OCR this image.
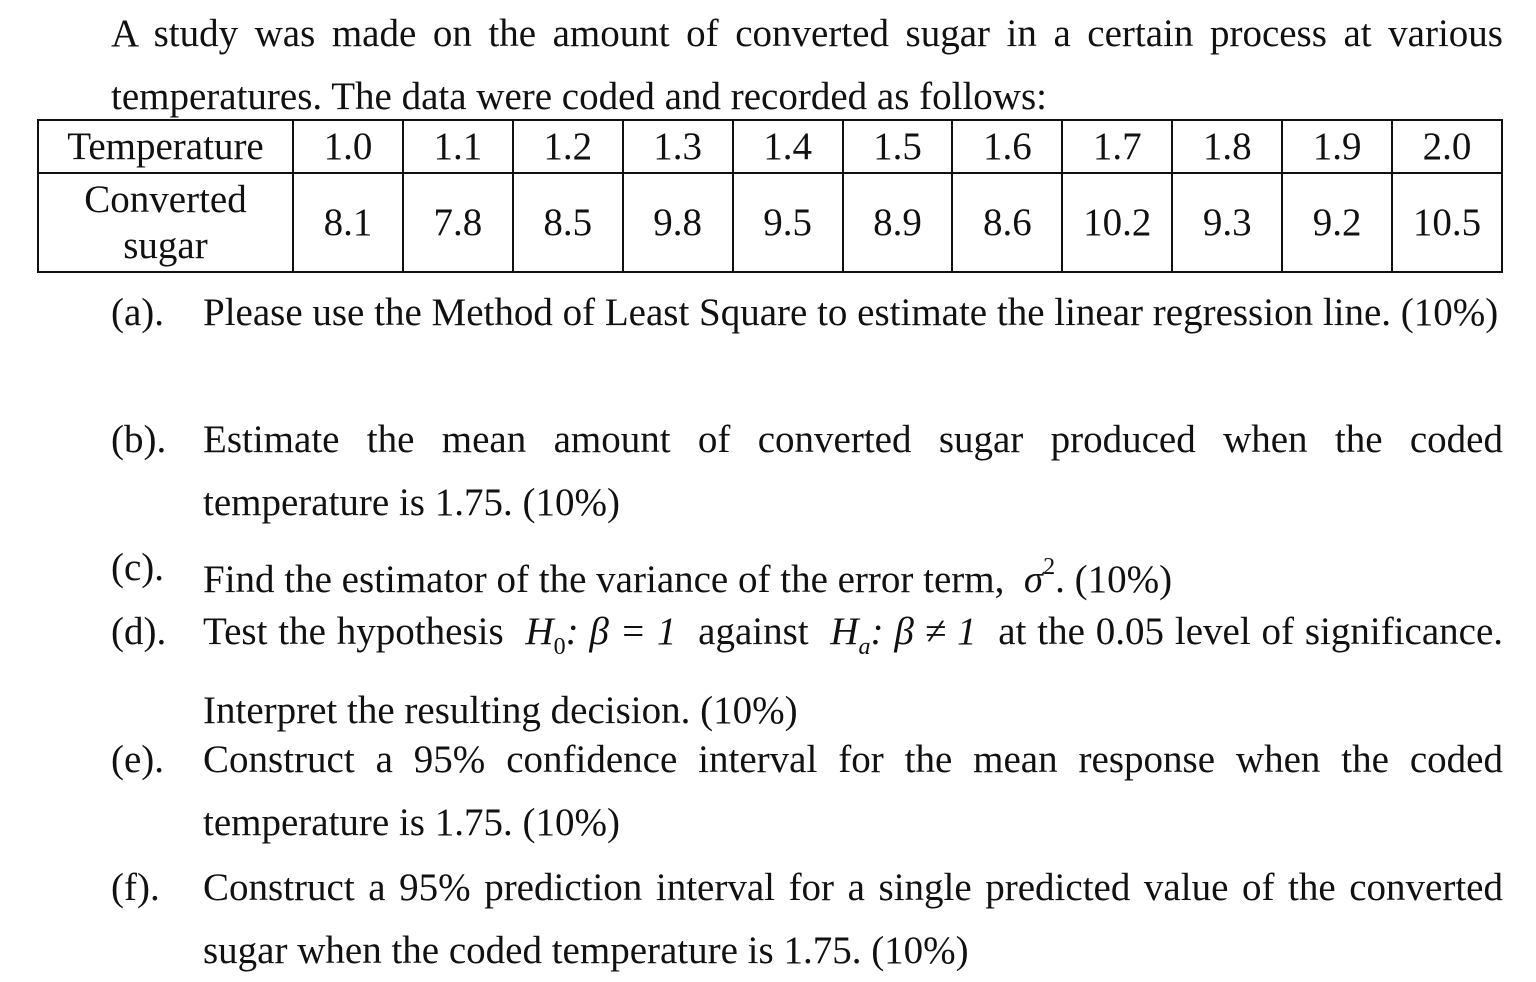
A study was made on the amount of converted sugar in a certain process at various temperatures. The data were coded and recorded as follows:
Temperature	1.0	1.1	1.2	1.3	1.4	1.5	1.6	1.7	1.8	1.9	2.0
Converted
sugar	8.1	7.8	8.5	9.8	9.5	8.9	8.6	10.2	9.3	9.2	10.5
(a). Please use the Method of Least Square to estimate the linear regression line. (10%)
(b). Estimate the mean amount of converted sugar produced when the coded temperature is 1.75. (10%)
(c). Find the estimator of the variance of the error term, $\sigma^2$. (10%)
(d). Test the hypothesis $H_0$: β = 1 against $H_a$: β ≠ 1 at the 0.05 level of significance. Interpret the resulting decision. (10%)
(e). Construct a 95% confidence interval for the mean response when the coded temperature is 1.75. (10%)
(f). Construct a 95% prediction interval for a single predicted value of the converted sugar when the coded temperature is 1.75. (10%)
